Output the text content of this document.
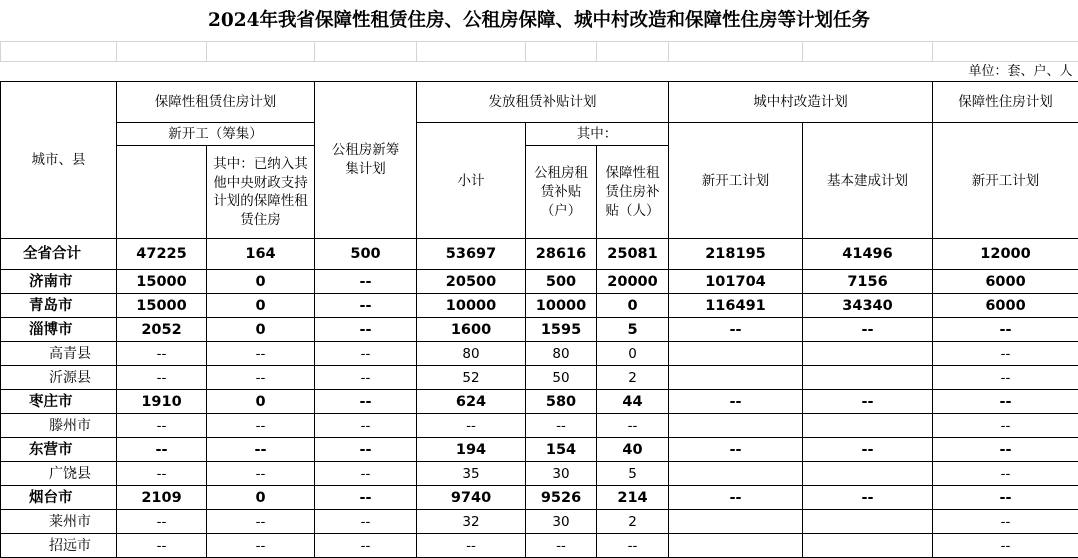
2024年我省保障性租赁住房、公租房保障、城中村改造和保障性住房等计划任务

单位：套、户、人									
城市、县	保障性租赁住房计划		公租房新筹集计划	发放租赁补贴计划			城中村改造计划		保障性住房计划
	新开工（筹集）			小计	其中：		新开工计划	基本建成计划	新开工计划
		其中：已纳入其他中央财政支持计划的保障性租赁住房			公租房租赁补贴（户）	保障性租赁住房补贴（人）			

全省合计	47225	164	500	53697	28616	25081	218195	41496	12000
济南市	15000	0	--	20500	500	20000	101704	7156	6000
青岛市	15000	0	--	10000	10000	0	116491	34340	6000
淄博市	2052	0	--	1600	1595	5	--	--	--
高青县	--	--	--	80	80	0			--
沂源县	--	--	--	52	50	2			--
枣庄市	1910	0	--	624	580	44	--	--	--
滕州市	--	--	--	--	--	--			--
东营市	--	--	--	194	154	40	--	--	--
广饶县	--	--	--	35	30	5			--
烟台市	2109	0	--	9740	9526	214	--	--	--
莱州市	--	--	--	32	30	2			--
招远市	--	--	--	--	--	--			--
